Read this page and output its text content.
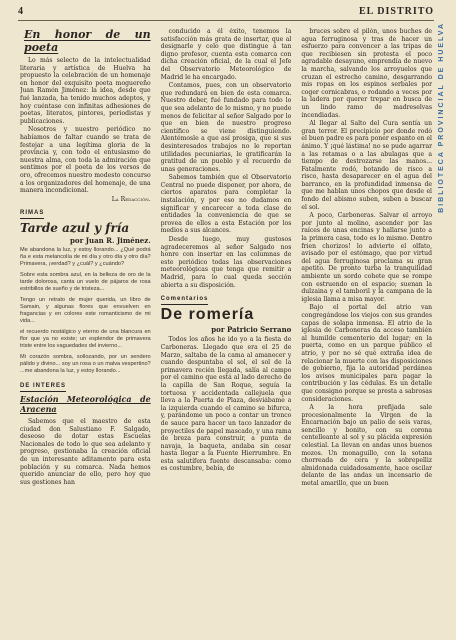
4	EL DISTRITO
En honor de un poeta

Lo más selecto de la intelectualidad literaria y artística de Huelva ha propuesto la celebración de un homenaje en honor del exquisito poeta moguereño Juan Ramón Jiménez: la idea, desde que fué lanzada, ha tenido muchos adeptos, y hoy cuéntase con infinitas adhesiones de poetas, literatos, pintores, periodistas y publicaciones.

Nosotros y nuestro periódico no habíamos de faltar cuando se trata de festejar a una legítima gloria de la provincia y, con todo el entusiasmo de nuestra alma, con toda la admiración que sentimos por el poeta de los versos de oro, ofrecemos nuestro modesto concurso a los organizadores del homenaje, de una manera incondicional.

La Redacción.
RIMAS
Tarde azul y fría
por Juan R. Jiménez.
Me abandona la luz, y estoy llorando... ¿Qué podrá ña e esta melancolía de mi día y otro día y otro día? Primavera, ¡verdad? y ¿cuál? y ¿cuándo?
Sobre esta sombra azul, en la belleza de oro de la tarde dolorosa, canta un vuelo de pájaros de rosa estribillos de sueño y de tristeza...
Tengo un retrato de mujer querida, un libro de Samain, y algunas flores que envuelven en fragancias y en colores este romanticismo de mi vida...
el recuerdo nostálgico y eterno de una blancura en flor que ya no existe; un esplendor de primavera triste entre los vaguedades del invierno...
Mi corazón sombra, sollozando, por un sendero pálido y divino... soy un rosa o un malva vespertino? ...me abandona la luz, y estoy llorando...
DE INTERES
Estación Meteorológica de Aracena

Sabemos que el maestro de esta ciudad don Salustiano F. Salgado, deseoso de dotar estas Escuelas Nacionales de todo lo que sea adelanto y progreso, gestionaba la creación oficial de un interesante aditamento para esta población y su comarca. Nada hemos querido anunciar de ello, pero hoy que sus gestiones han

conducido a él éxito, tenemos la satisfacción más grata de insertar, que al designarle y celo que distingue á tan digno profesor, cuenta esta comarca con dicha creación oficial, de la cual el Jefe del Observatorio Meteorológico de Madrid le ha encargado.

Contamos, pues, con un observatorio que redundará en bien de esta comarca. Nuestro deber, fué fundado para todo lo que sea adelanto de lo mismo, y no puede menos de felicitar al señor Salgado por lo que en bien de nuestro progreso científico se viene distinguiendo. Alentémosle a que así prosiga, que si sus desinteresados trabajos no le reportan utilidades pecuniarias, le gratificarán la gratitud de un pueblo y el recuerdo de unas generaciones.

Sabemos también que el Observatorio Central no puede disponer, por ahora, de ciertos aparatos para completar la instalación, y por eso no dudamos en significar y encarecer a toda clase de entidades la conveniencia de que se provea de ellos a esta Estación por los medios a sus alcances.

Desde luego, muy gustosos agradeceremos al señor Salgado nos honre con insertar en las columnas de este periódico todas las observaciones meteorológicas que tenga que remitir a Madrid, para lo cual queda sección abierta a su disposición.

Comentarios
De romería
por Patricio Serrano

Todos los años he ido yo a la fiesta de Carboneras. Llegado que era el 25 de Marzo, saltaba de la cama al amanecer y cuando despuntaba el sol, el sol de la primavera recién llegada, salía al campo por el camino que está al lado derecho de la capilla de San Roque, seguía la tortuosa y accidentada callejuela que lleva a la Puerta de Plaza, desviábame a la izquierda cuando el camino se bifurca, y, parándome un poco a contar un tronco de sauce para hacer un taco lanzador de proyectiles de papel mascado, y una rama de breza para construir, a punta de navaja, la baqueta, andaba sin cesar hasta llegar a la Fuente Hierrumbre. En esta salutífera fuente descansaba: como es costumbre, bebía, de

bruces sobre el pilón, unos buches de agua ferruginosa y tras de hacer un esfuerzo para convencer a las tripas de que recibiesen sin protesta el poco agradable desayuno, emprendía de nuevo la marcha, salvando los arroyuelos que cruzan el estrecho camino, desgarrando mis ropas en los espinos serbales por coger cornicabras, o rodando a veces por la ladera por querer trepar en busca de un lindo ramo de madreselvas incendiadas.

Al llegar al Salto del Cura sentía un gran terror. El precipicio por donde rodó el buen padre es para poner espanto en el ánimo. Y ¡qué lástima! no se pude agarrar a las retamas o a las abulagas que a tiempo de destrozarse las manos... Fatalmente rodó, botando de risco a risco, hasta desaparecer en el agua del barranco, en la profundidad inmensa de que me hablan unos chopos que desde el fondo del abismo suben, suben a buscar el sol.

A poco, Carboneras. Salvar el arroyo por junto al molino, ascender por las raíces de unas encinas y hallarse junto a la primera casa, todo es lo mismo. Dentro frien chorizos! lo advierte el olfato, avisado por el estómago, que por virtud del agua ferruginosa proclama su gran apetito. De pronto turba la tranquilidad ambiente un sordo cohete que se rompe con estruendo en el espacio; suenan la dulzaina y el tamboril y la campana de la iglesia llama a misa mayor.

Bajo el portal del atrio van congregándose los viejos con sus grandes capas de solapa inmensa. El atrio de la iglesia de Carboneras da acceso también al humilde cementerio del lugar; en la puerta, como en un parque público el atrio, y por no sé qué extraña idea de relacionar la muerte con las disposiciones de gobierno, fija la autoridad perdánea los avisos municipales para pagar la contribución y las cédulas. Es un detalle que consigno porque se presta a sabrosas consideraciones.

A la hora prefijada sale procesionalmente la Virgen de la Encarnación bajo un palio de seis varas, sencillo y bonito, con su corona centelleante al sol y su plácida expresión celestial. La llevan en andas unos buenos mozos. Un monaguillo, con la sotana chorreada de cera y la sobrepelliz almidonada cuidadosamente, hace oscilar delante de las andas un incensario de metal amarillo, que un buen

BIBLIOTECA PROVINCIAL DE HUELVA
